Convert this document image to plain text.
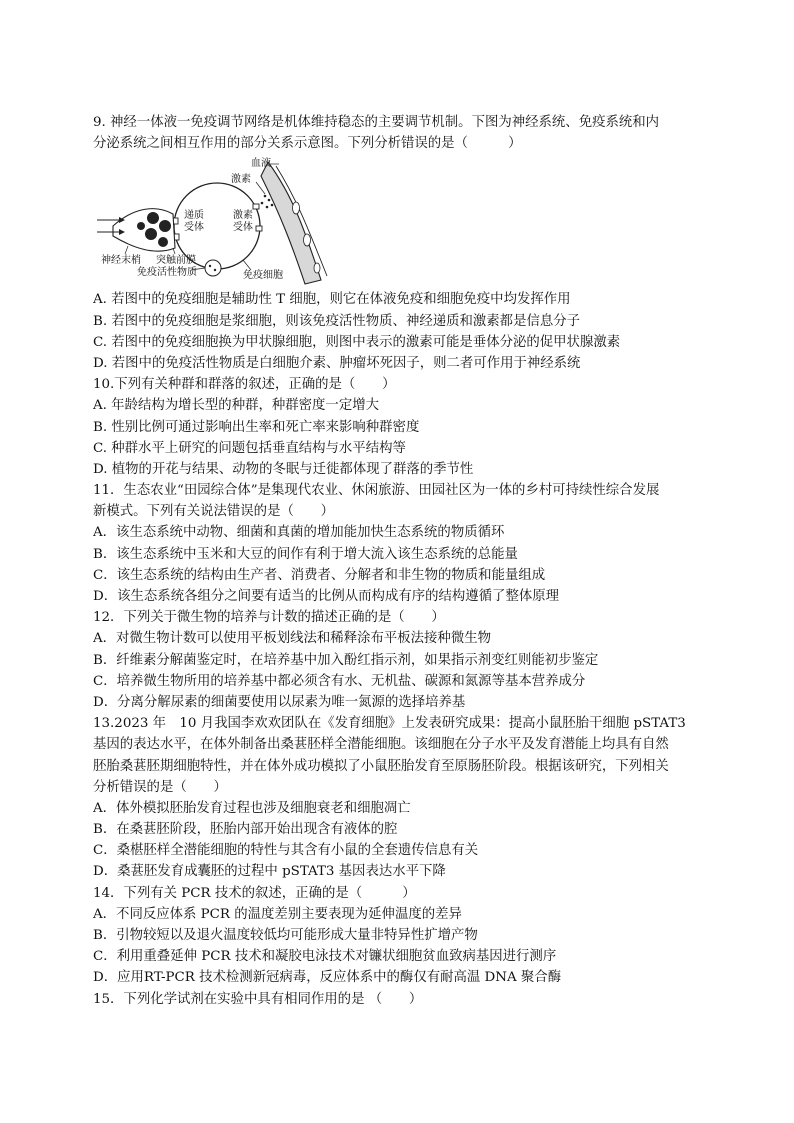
9. 神经一体液一免疫调节网络是机体维持稳态的主要调节机制。下图为神经系统、免疫系统和内
分泌系统之间相互作用的部分关系示意图。下列分析错误的是（　　　）
血液
激素
递质
受体
激素
受体
神经末梢 突触前膜
免疫活性物质	免疫细胞
A. 若图中的免疫细胞是辅助性 T 细胞，则它在体液免疫和细胞免疫中均发挥作用
B. 若图中的免疫细胞是浆细胞，则该免疫活性物质、神经递质和激素都是信息分子
C. 若图中的免疫细胞换为甲状腺细胞，则图中表示的激素可能是垂体分泌的促甲状腺激素
D. 若图中的免疫活性物质是白细胞介素、肿瘤坏死因子，则二者可作用于神经系统
10.下列有关种群和群落的叙述，正确的是（　　）
A. 年龄结构为增长型的种群，种群密度一定增大
B. 性别比例可通过影响出生率和死亡率来影响种群密度
C. 种群水平上研究的问题包括垂直结构与水平结构等
D. 植物的开花与结果、动物的冬眠与迁徙都体现了群落的季节性
11．生态农业“田园综合体”是集现代农业、休闲旅游、田园社区为一体的乡村可持续性综合发展
新模式。下列有关说法错误的是（　　）
A．该生态系统中动物、细菌和真菌的增加能加快生态系统的物质循环
B．该生态系统中玉米和大豆的间作有利于增大流入该生态系统的总能量
C．该生态系统的结构由生产者、消费者、分解者和非生物的物质和能量组成
D．该生态系统各组分之间要有适当的比例从而构成有序的结构遵循了整体原理
12．下列关于微生物的培养与计数的描述正确的是（　　）
A．对微生物计数可以使用平板划线法和稀释涂布平板法接种微生物
B．纤维素分解菌鉴定时，在培养基中加入酚红指示剂，如果指示剂变红则能初步鉴定
C．培养微生物所用的培养基中都必须含有水、无机盐、碳源和氮源等基本营养成分
D．分离分解尿素的细菌要使用以尿素为唯一氮源的选择培养基
13.2023 年　10 月我国李欢欢团队在《发育细胞》上发表研究成果：提高小鼠胚胎干细胞 pSTAT3
基因的表达水平，在体外制备出桑葚胚样全潜能细胞。该细胞在分子水平及发育潜能上均具有自然
胚胎桑葚胚期细胞特性，并在体外成功模拟了小鼠胚胎发育至原肠胚阶段。根据该研究，下列相关
分析错误的是（　　）
A．体外模拟胚胎发育过程也涉及细胞衰老和细胞凋亡
B．在桑葚胚阶段，胚胎内部开始出现含有液体的腔
C．桑椹胚样全潜能细胞的特性与其含有小鼠的全套遗传信息有关
D．桑葚胚发育成囊胚的过程中 pSTAT3 基因表达水平下降
14．下列有关 PCR 技术的叙述，正确的是（　　　）
A．不同反应体系 PCR 的温度差别主要表现为延伸温度的差异
B．引物较短以及退火温度较低均可能形成大量非特异性扩增产物
C．利用重叠延伸 PCR 技术和凝胶电泳技术对镰状细胞贫血致病基因进行测序
D．应用RT-PCR 技术检测新冠病毒，反应体系中的酶仅有耐高温 DNA 聚合酶
15．下列化学试剂在实验中具有相同作用的是 （　　）
